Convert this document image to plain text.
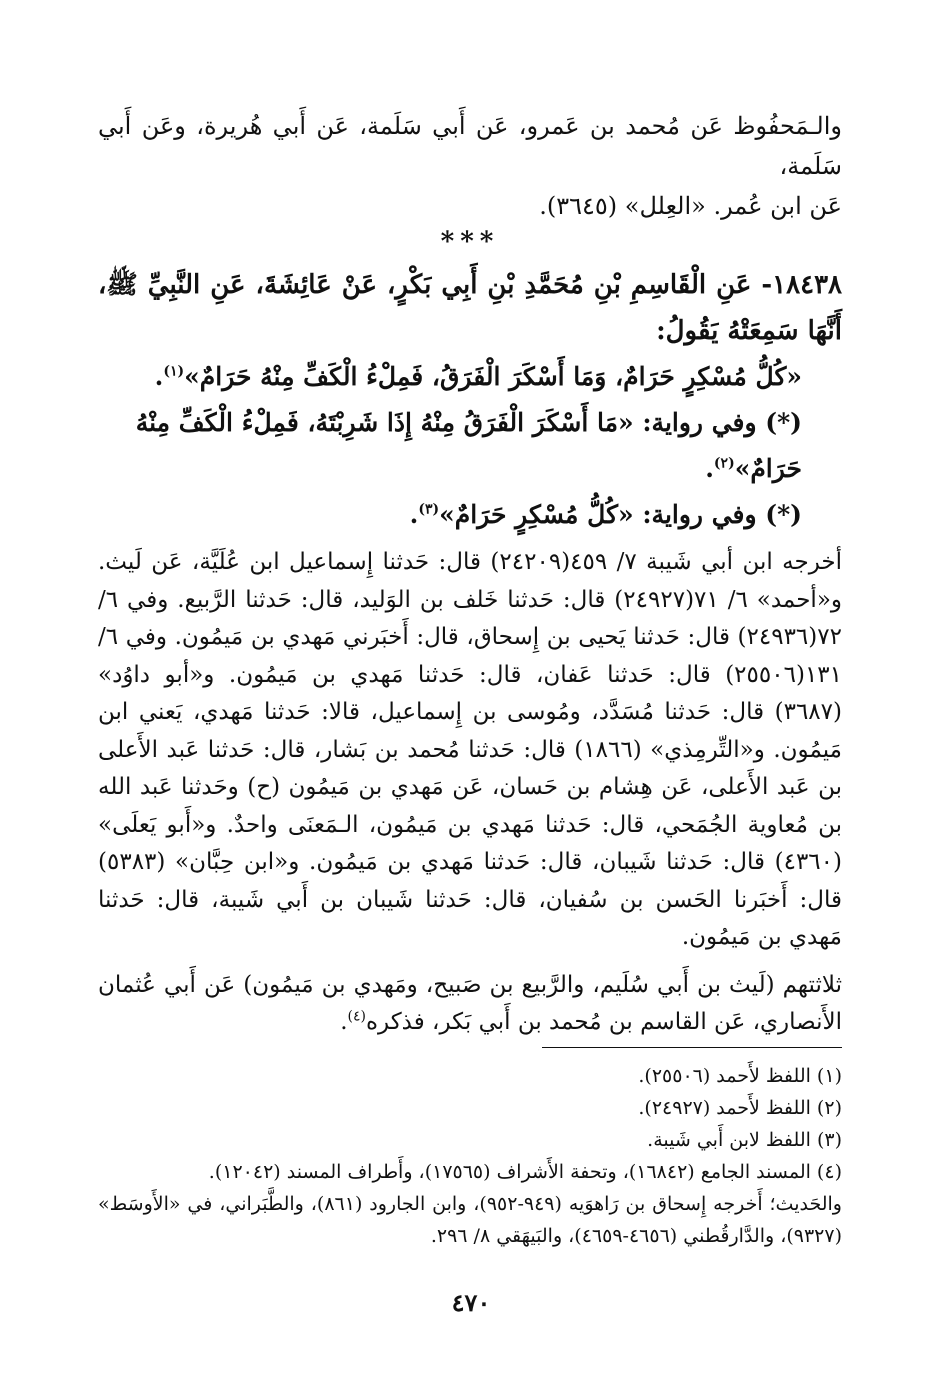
والـمَحفُوظ عَن مُحمد بن عَمرو، عَن أَبي سَلَمة، عَن أَبي هُريرة، وعَن أَبي سَلَمة،
عَن ابن عُمر. «العِلل» (٣٦٤٥).

***

١٨٤٣٨- عَنِ الْقَاسِمِ بْنِ مُحَمَّدِ بْنِ أَبِي بَكْرٍ، عَنْ عَائِشَةَ، عَنِ النَّبِيِّ ﷺ، أَنَّهَا سَمِعَتْهُ يَقُولُ:

«كُلُّ مُسْكِرٍ حَرَامٌ، وَمَا أَسْكَرَ الْفَرَقُ، فَمِلْءُ الْكَفِّ مِنْهُ حَرَامٌ»$^{(١)}$.

(*) وفي رواية: «مَا أَسْكَرَ الْفَرَقُ مِنْهُ إِذَا شَرِبْتَهُ، فَمِلْءُ الْكَفِّ مِنْهُ حَرَامٌ»$^{(٢)}$.

(*) وفي رواية: «كُلُّ مُسْكِرٍ حَرَامٌ»$^{(٣)}$.

أخرجه ابن أبي شَيبة ٧/ ٤٥٩(٢٤٢٠٩) قال: حَدثنا إِسماعيل ابن عُلَيَّة، عَن لَيث. و«أحمد» ٦/ ٧١(٢٤٩٢٧) قال: حَدثنا خَلف بن الوَليد، قال: حَدثنا الرَّبيع. وفي ٦/ ٧٢(٢٤٩٣٦) قال: حَدثنا يَحيى بن إِسحاق، قال: أَخبَرني مَهدي بن مَيمُون. وفي ٦/ ١٣١(٢٥٥٠٦) قال: حَدثنا عَفان، قال: حَدثنا مَهدي بن مَيمُون. و«أبو داوُد» (٣٦٨٧) قال: حَدثنا مُسَدَّد، ومُوسى بن إِسماعيل، قالا: حَدثنا مَهدي، يَعني ابن مَيمُون. و«التِّرمِذي» (١٨٦٦) قال: حَدثنا مُحمد بن بَشار، قال: حَدثنا عَبد الأَعلى بن عَبد الأَعلى، عَن هِشام بن حَسان، عَن مَهدي بن مَيمُون (ح) وحَدثنا عَبد الله بن مُعاوية الجُمَحي، قال: حَدثنا مَهدي بن مَيمُون، الـمَعنَى واحدٌ. و«أَبو يَعلَى» (٤٣٦٠) قال: حَدثنا شَيبان، قال: حَدثنا مَهدي بن مَيمُون. و«ابن حِبَّان» (٥٣٨٣) قال: أَخبَرنا الحَسن بن سُفيان، قال: حَدثنا شَيبان بن أَبي شَيبة، قال: حَدثنا مَهدي بن مَيمُون.

ثلاثتهم (لَيث بن أَبي سُلَيم، والرَّبيع بن صَبيح، ومَهدي بن مَيمُون) عَن أَبي عُثمان الأَنصاري، عَن القاسم بن مُحمد بن أَبي بَكر، فذكره$^{(٤)}$.

(١) اللفظ لأَحمد (٢٥٥٠٦).

(٢) اللفظ لأَحمد (٢٤٩٢٧).

(٣) اللفظ لابن أَبي شَيبة.

(٤) المسند الجامع (١٦٨٤٢)، وتحفة الأَشراف (١٧٥٦٥)، وأَطراف المسند (١٢٠٤٢).

والحَديث؛ أَخرجه إِسحاق بن رَاهوَيه (٩٤٩-٩٥٢)، وابن الجارود (٨٦١)، والطَّبَراني، في «الأَوسَط» (٩٣٢٧)، والدَّارقُطني (٤٦٥٦-٤٦٥٩)، والبَيهَقي ٨/ ٢٩٦.

٤٧٠
